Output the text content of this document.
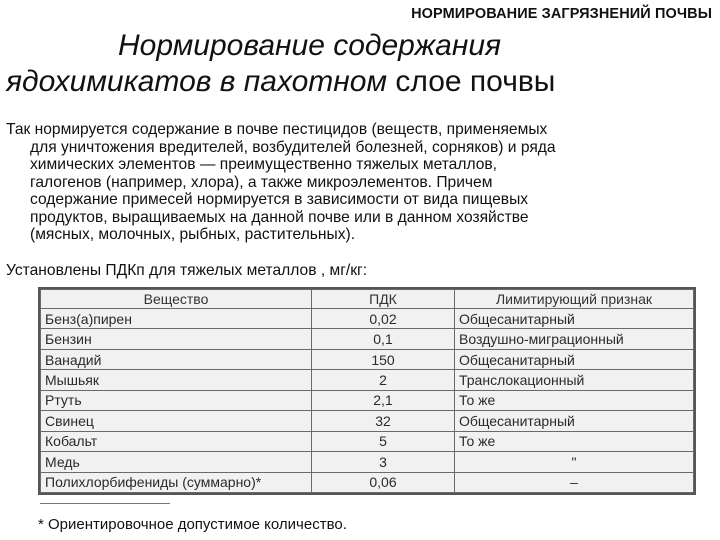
НОРМИРОВАНИЕ ЗАГРЯЗНЕНИЙ ПОЧВЫ
Нормирование содержания
ядохимикатов в пахотном слое почвы
Так нормируется содержание в почве пестицидов (веществ, применяемых
для уничтожения вредителей, возбудителей болезней, сорняков) и ряда
химических элементов — преимущественно тяжелых металлов,
галогенов (например, хлора), а также микроэлементов. Причем
содержание примесей нормируется в зависимости от вида пищевых
продуктов, выращиваемых на данной почве или в данном хозяйстве
(мясных, молочных, рыбных, растительных).
Установлены ПДКп для тяжелых металлов , мг/кг:
Вещество	ПДК	Лимитирующий признак
Бенз(а)пирен	0,02	Общесанитарный
Бензин	0,1	Воздушно-миграционный
Ванадий	150	Общесанитарный
Мышьяк	2	Транслокационный
Ртуть	2,1	То же
Свинец	32	Общесанитарный
Кобальт	5	То же
Медь	3	"
Полихлорбифениды (суммарно)*	0,06	–
* Ориентировочное допустимое количество.
